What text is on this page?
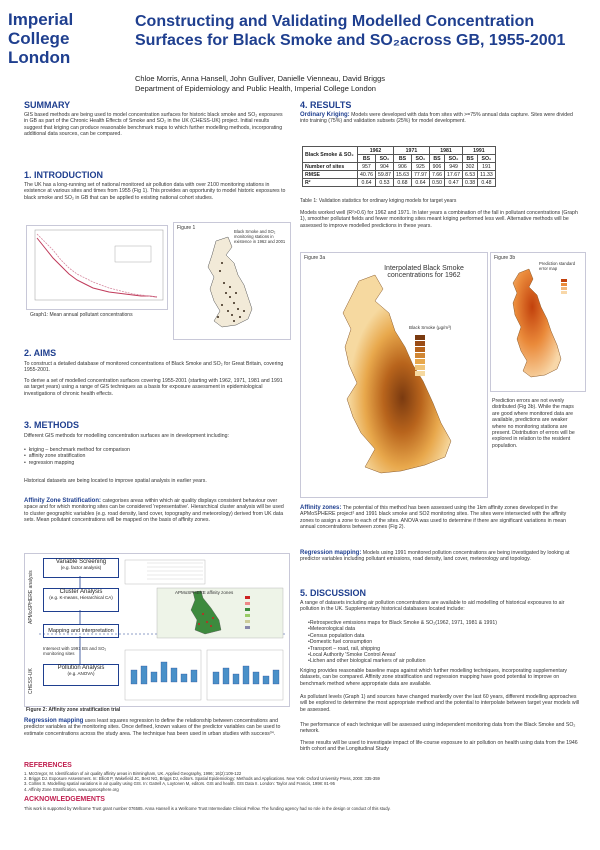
Imperial College
London
Constructing and Validating Modelled Concentration Surfaces for Black Smoke and SO₂across GB, 1955-2001
Chloe Morris, Anna Hansell, John Gulliver, Danielle Vienneau, David Briggs
Department of Epidemiology and Public Health, Imperial College London
SUMMARY
GIS based methods are being used to model concentration surfaces for historic black smoke and SO₂ exposures in GB as part of the Chronic Health Effects of Smoke and SO₂ in the UK (CHESS-UK) project. Initial results suggest that kriging can produce reasonable benchmark maps to which further modelling methods, incorporating additional data sources, can be compared.
1. INTRODUCTION
The UK has a long-running set of national monitored air pollution data with over 2100 monitoring stations in existence at various sites and times from 1955 (Fig 1). This provides an opportunity to model historic exposures to black smoke and SO₂ in GB that can be applied to existing national cohort studies.
Graph1: Mean annual pollutant concentrations
Figure 1
Black Smoke and SO₂ monitoring stations in existence in 1962 and 2001
2. AIMS
To construct a detailed database of monitored concentrations of Black Smoke and SO₂ for Great Britain, covering 1955-2001.
To derive a set of modelled concentration surfaces covering 1955-2001 (starting with 1962, 1971, 1981 and 1991 as target years) using a range of GIS techniques as a basis for exposure assessment in epidemiological investigations of chronic health effects.
3. METHODS
Different GIS methods for modelling concentration surfaces are in development including:
•  kriging – benchmark method for comparison
•  affinity zone stratification
•  regression mapping
Historical datasets are being located to improve spatial analysis in earlier years.
Affinity Zone Stratification: categorises areas within which air quality displays consistent behaviour over space and for which monitoring sites can be considered 'representative'. Hierarchical cluster analysis will be used to cluster geographic variables (e.g. road density, land cover, topography and meteorology) derived from UK data sets. Mean pollutant concentrations will be mapped on the basis of affinity zones.
APMoSPHERE analysis
CHESS-UK
Variable Screening
(e.g. factor analysis)
Cluster Analysis
(e.g. K-means, Hierarchical CA)
Mapping and interpretation
Intersect with 1991 BS and SO₂ monitoring sites
Pollution Analysis
(e.g. ANOVA)
APMoSPHERE affinity zones
Figure 2: Affinity zone stratification trial
Regression mapping uses least squares regression to define the relationship between concentrations and predictor variables at the monitoring sites. Once defined, known values of the predictor variables can be used to estimate concentrations across the study area. The technique has been used in urban studies with success³⁴.
REFERENCES
1. McGregor, M. Identification of air quality affinity areas in Birmingham, UK. Applied Geography, 1996; 16(2):109-122
2. Briggs DJ. Exposure Assessment. In: Elliott P, Wakefield JC, Best NG, Briggs DJ, editors. Spatial Epidemiology: Methods and Applications. New York: Oxford University Press, 2000: 335-359
3. Collins S. Modelling spatial variations in air quality using GIS. In: Gatrell A, Loytonen M, editors. GIS and health. GIS Data II. London: Taylor and Francis, 1998: 81-95
4. Affinity Zone Stratification, www.apmosphere.org
ACKNOWLEDGEMENTS
This work is supported by Wellcome Trust grant number 076585. Anna Hansell is a Wellcome Trust Intermediate Clinical Fellow. The funding agency had no role in the design or conduct of this study.
4. RESULTS
Ordinary Kriging: Models were developed with data from sites with >=75% annual data capture. Sites were divided into training (75%) and validation subsets (25%) for model development.
Black Smoke & SO₂	1962		1971		1981		1991	
	BS	SO₂	BS	SO₂	BS	SO₂	BS	SO₂
Number of sites	957	904	906	925	906	949	302	191
RMSE	40.76	59.87	15.63	77.97	7.66	17.67	6.53	11.33
R²	0.64	0.53	0.68	0.64	0.50	0.47	0.38	0.48
Table 1: Validation statistics for ordinary kriging models for target years
Models worked well (R²>0.6) for 1962 and 1971. In later years a combination of the fall in pollutant concentrations (Graph 1), smoother pollutant fields and fewer monitoring sites meant kriging performed less well. Alternative methods will be assessed to improve modelled predictions in these years.
Figure 3a
Interpolated Black Smoke concentrations for 1962
Black Smoke (μg/m³)
Figure 3b
Prediction standard error map
Prediction errors are not evenly distributed (Fig 3b). While the maps are good where monitored data are available, predictions are weaker where no monitoring stations are present. Distribution of errors will be explored in relation to the resident population.
Affinity zones: The potential of this method has been assessed using the 1km affinity zones developed in the APMoSPHERE project² and 1991 black smoke and SO2 monitoring sites. The sites were intersected with the affinity zones to assign a zone to each of the sites. ANOVA was used to determine if there are significant variations in mean annual concentrations between zones (Fig 2).
Regression mapping: Models using 1991 monitored pollution concentrations are being investigated by looking at predictor variables including pollutant emissions, road density, land cover, meteorology and topology.
5. DISCUSSION
A range of datasets including air pollution concentrations are available to aid modelling of historical exposures to air pollution in the UK. Supplementary historical databases located include:
•Retrospective emissions maps for Black Smoke & SO₂(1962, 1971, 1981 & 1991)
•Meteorological data
•Census population data
•Domestic fuel consumption
•Transport – road, rail, shipping
•Local Authority 'Smoke Control Areas'
•Lichen and other biological markers of air pollution
Kriging provides reasonable baseline maps against which further modelling techniques, incorporating supplementary datasets, can be compared. Affinity zone stratification and regression mapping have good potential to improve on benchmark method where appropriate data are available.
As pollutant levels (Graph 1) and sources have changed markedly over the last 60 years, different modelling approaches will be explored to determine the most appropriate method and the potential to interpolate between target year models will be assessed.
The performance of each technique will be assessed using independent monitoring data from the Black Smoke and SO₂ network.
These results will be used to investigate impact of life-course exposure to air pollution on health using data from the 1946 birth cohort and the Longitudinal Study
